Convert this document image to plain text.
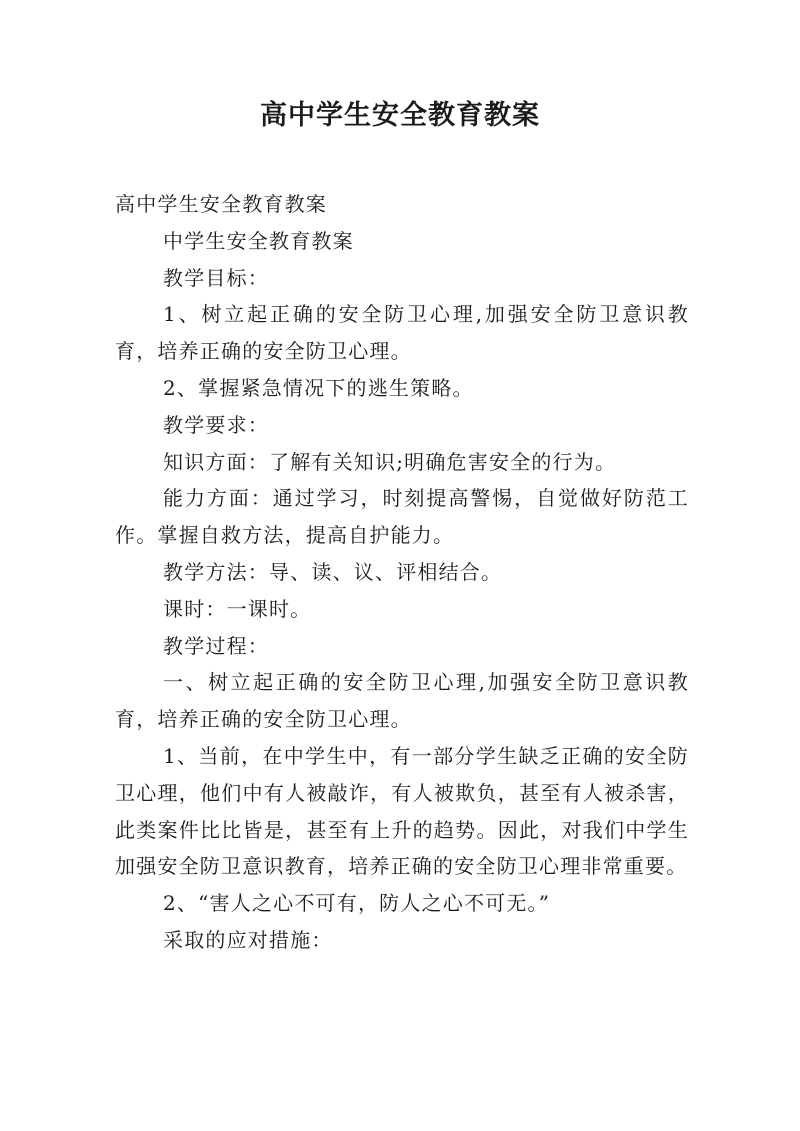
高中学生安全教育教案

高中学生安全教育教案

中学生安全教育教案

教学目标：

1、树立起正确的安全防卫心理,加强安全防卫意识教育，培养正确的安全防卫心理。

2、掌握紧急情况下的逃生策略。

教学要求：

知识方面：了解有关知识;明确危害安全的行为。

能力方面：通过学习，时刻提高警惕，自觉做好防范工作。掌握自救方法，提高自护能力。

教学方法：导、读、议、评相结合。

课时：一课时。

教学过程：

一、树立起正确的安全防卫心理,加强安全防卫意识教育，培养正确的安全防卫心理。

1、当前，在中学生中，有一部分学生缺乏正确的安全防卫心理，他们中有人被敲诈，有人被欺负，甚至有人被杀害，此类案件比比皆是，甚至有上升的趋势。因此，对我们中学生加强安全防卫意识教育，培养正确的安全防卫心理非常重要。

2、“害人之心不可有，防人之心不可无。”

采取的应对措施：
